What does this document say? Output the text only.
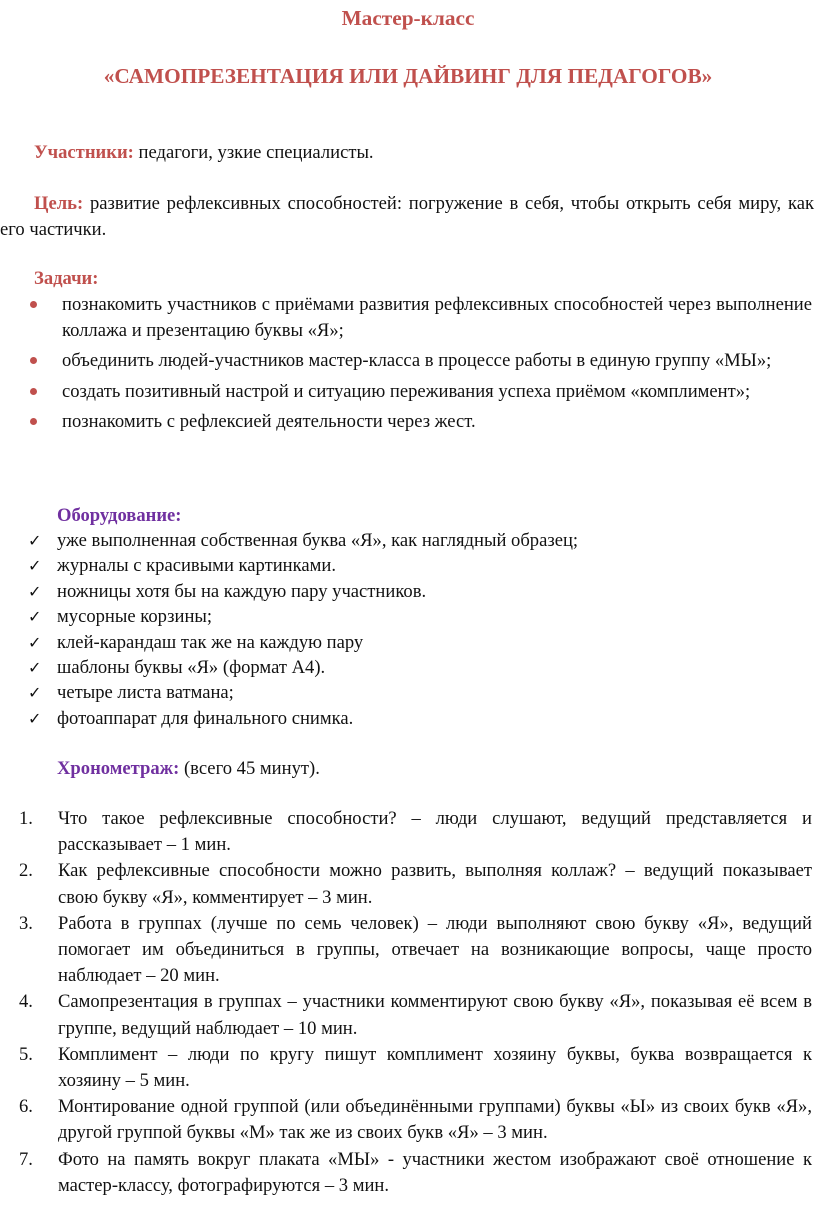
Мастер-класс
«САМОПРЕЗЕНТАЦИЯ ИЛИ ДАЙВИНГ ДЛЯ ПЕДАГОГОВ»

Участники: педагоги, узкие специалисты.

Цель: развитие рефлексивных способностей: погружение в себя, чтобы открыть себя миру, как его частички.

Задачи:

познакомить участников с приёмами развития рефлексивных способностей через выполнение коллажа и презентацию буквы «Я»;
объединить людей-участников мастер-класса в процессе работы в единую группу «МЫ»;
создать позитивный настрой и ситуацию переживания успеха приёмом «комплимент»;
познакомить с рефлексией деятельности через жест.

Оборудование:

✓ уже выполненная собственная буква «Я», как наглядный образец;
✓ журналы с красивыми картинками.
✓ ножницы хотя бы на каждую пару участников.
✓ мусорные корзины;
✓ клей-карандаш так же на каждую пару
✓ шаблоны буквы «Я» (формат А4).
✓ четыре листа ватмана;
✓ фотоаппарат для финального снимка.

Хронометраж: (всего 45 минут).

1. Что такое рефлексивные способности? – люди слушают, ведущий представляется и рассказывает – 1 мин.
2. Как рефлексивные способности можно развить, выполняя коллаж? – ведущий показывает свою букву «Я», комментирует – 3 мин.
3. Работа в группах (лучше по семь человек) – люди выполняют свою букву «Я», ведущий помогает им объединиться в группы, отвечает на возникающие вопросы, чаще просто наблюдает – 20 мин.
4. Самопрезентация в группах – участники комментируют свою букву «Я», показывая её всем в группе, ведущий наблюдает – 10 мин.
5. Комплимент – люди по кругу пишут комплимент хозяину буквы, буква возвращается к хозяину – 5 мин.
6. Монтирование одной группой (или объединёнными группами) буквы «Ы» из своих букв «Я», другой группой буквы «М» так же из своих букв «Я» – 3 мин.
7. Фото на память вокруг плаката «МЫ» - участники жестом изображают своё отношение к мастер-классу, фотографируются – 3 мин.
